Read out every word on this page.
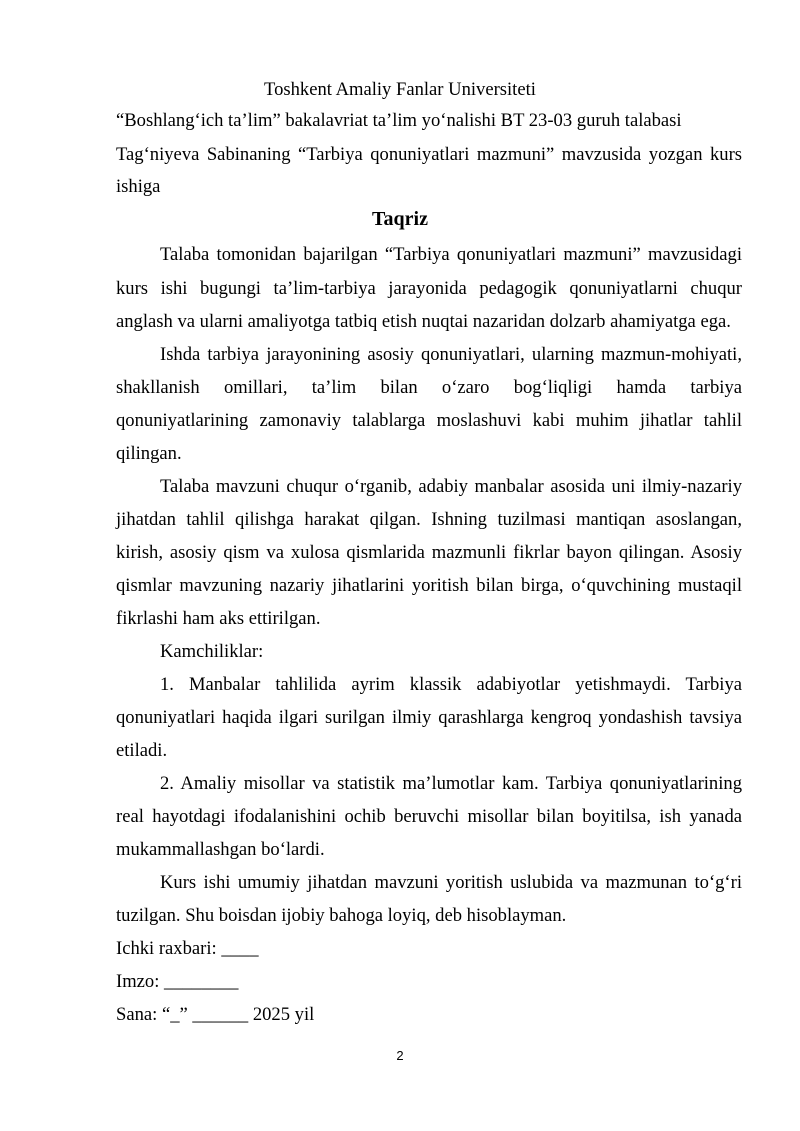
Toshkent Amaliy Fanlar Universiteti
“Boshlang‘ich ta’lim” bakalavriat ta’lim yo‘nalishi BT 23-03 guruh talabasi
Tag‘niyeva Sabinaning “Tarbiya qonuniyatlari mazmuni” mavzusida yozgan kurs
ishiga
Taqriz
Talaba tomonidan bajarilgan “Tarbiya qonuniyatlari mazmuni” mavzusidagi
kurs ishi bugungi ta’lim-tarbiya jarayonida pedagogik qonuniyatlarni chuqur
anglash va ularni amaliyotga tatbiq etish nuqtai nazaridan dolzarb ahamiyatga ega.
Ishda tarbiya jarayonining asosiy qonuniyatlari, ularning mazmun-mohiyati,
shakllanish omillari, ta’lim bilan o‘zaro bog‘liqligi hamda tarbiya
qonuniyatlarining zamonaviy talablarga moslashuvi kabi muhim jihatlar tahlil
qilingan.
Talaba mavzuni chuqur o‘rganib, adabiy manbalar asosida uni ilmiy-nazariy
jihatdan tahlil qilishga harakat qilgan. Ishning tuzilmasi mantiqan asoslangan,
kirish, asosiy qism va xulosa qismlarida mazmunli fikrlar bayon qilingan. Asosiy
qismlar mavzuning nazariy jihatlarini yoritish bilan birga, o‘quvchining mustaqil
fikrlashi ham aks ettirilgan.
Kamchiliklar:
1. Manbalar tahlilida ayrim klassik adabiyotlar yetishmaydi. Tarbiya
qonuniyatlari haqida ilgari surilgan ilmiy qarashlarga kengroq yondashish tavsiya
etiladi.
2. Amaliy misollar va statistik ma’lumotlar kam. Tarbiya qonuniyatlarining
real hayotdagi ifodalanishini ochib beruvchi misollar bilan boyitilsa, ish yanada
mukammallashgan bo‘lardi.
Kurs ishi umumiy jihatdan mavzuni yoritish uslubida va mazmunan to‘g‘ri
tuzilgan. Shu boisdan ijobiy bahoga loyiq, deb hisoblayman.
Ichki raxbari: ____
Imzo: ________
Sana: “_” ______ 2025 yil
2
